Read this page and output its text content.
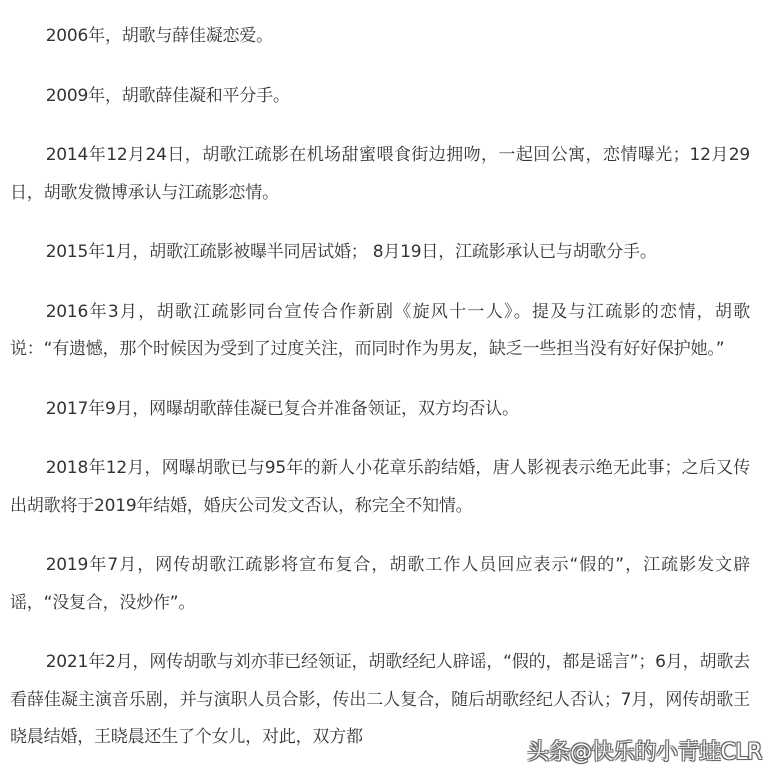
2006年，胡歌与薛佳凝恋爱。

2009年，胡歌薛佳凝和平分手。

2014年12月24日，胡歌江疏影在机场甜蜜喂食街边拥吻，一起回公寓，恋情曝光；12月29日，胡歌发微博承认与江疏影恋情。

2015年1月，胡歌江疏影被曝半同居试婚； 8月19日，江疏影承认已与胡歌分手。

2016年3月，胡歌江疏影同台宣传合作新剧《旋风十一人》。提及与江疏影的恋情，胡歌说：“有遗憾，那个时候因为受到了过度关注，而同时作为男友，缺乏一些担当没有好好保护她。”

2017年9月，网曝胡歌薛佳凝已复合并准备领证，双方均否认。

2018年12月，网曝胡歌已与95年的新人小花章乐韵结婚，唐人影视表示绝无此事；之后又传出胡歌将于2019年结婚，婚庆公司发文否认，称完全不知情。

2019年7月，网传胡歌江疏影将宣布复合，胡歌工作人员回应表示“假的”，江疏影发文辟谣，“没复合，没炒作”。

2021年2月，网传胡歌与刘亦菲已经领证，胡歌经纪人辟谣，“假的，都是谣言”；6月，胡歌去看薛佳凝主演音乐剧，并与演职人员合影，传出二人复合，随后胡歌经纪人否认；7月，网传胡歌王晓晨结婚，王晓晨还生了个女儿，对此，双方都

头条@快乐的小青蛙CLR
